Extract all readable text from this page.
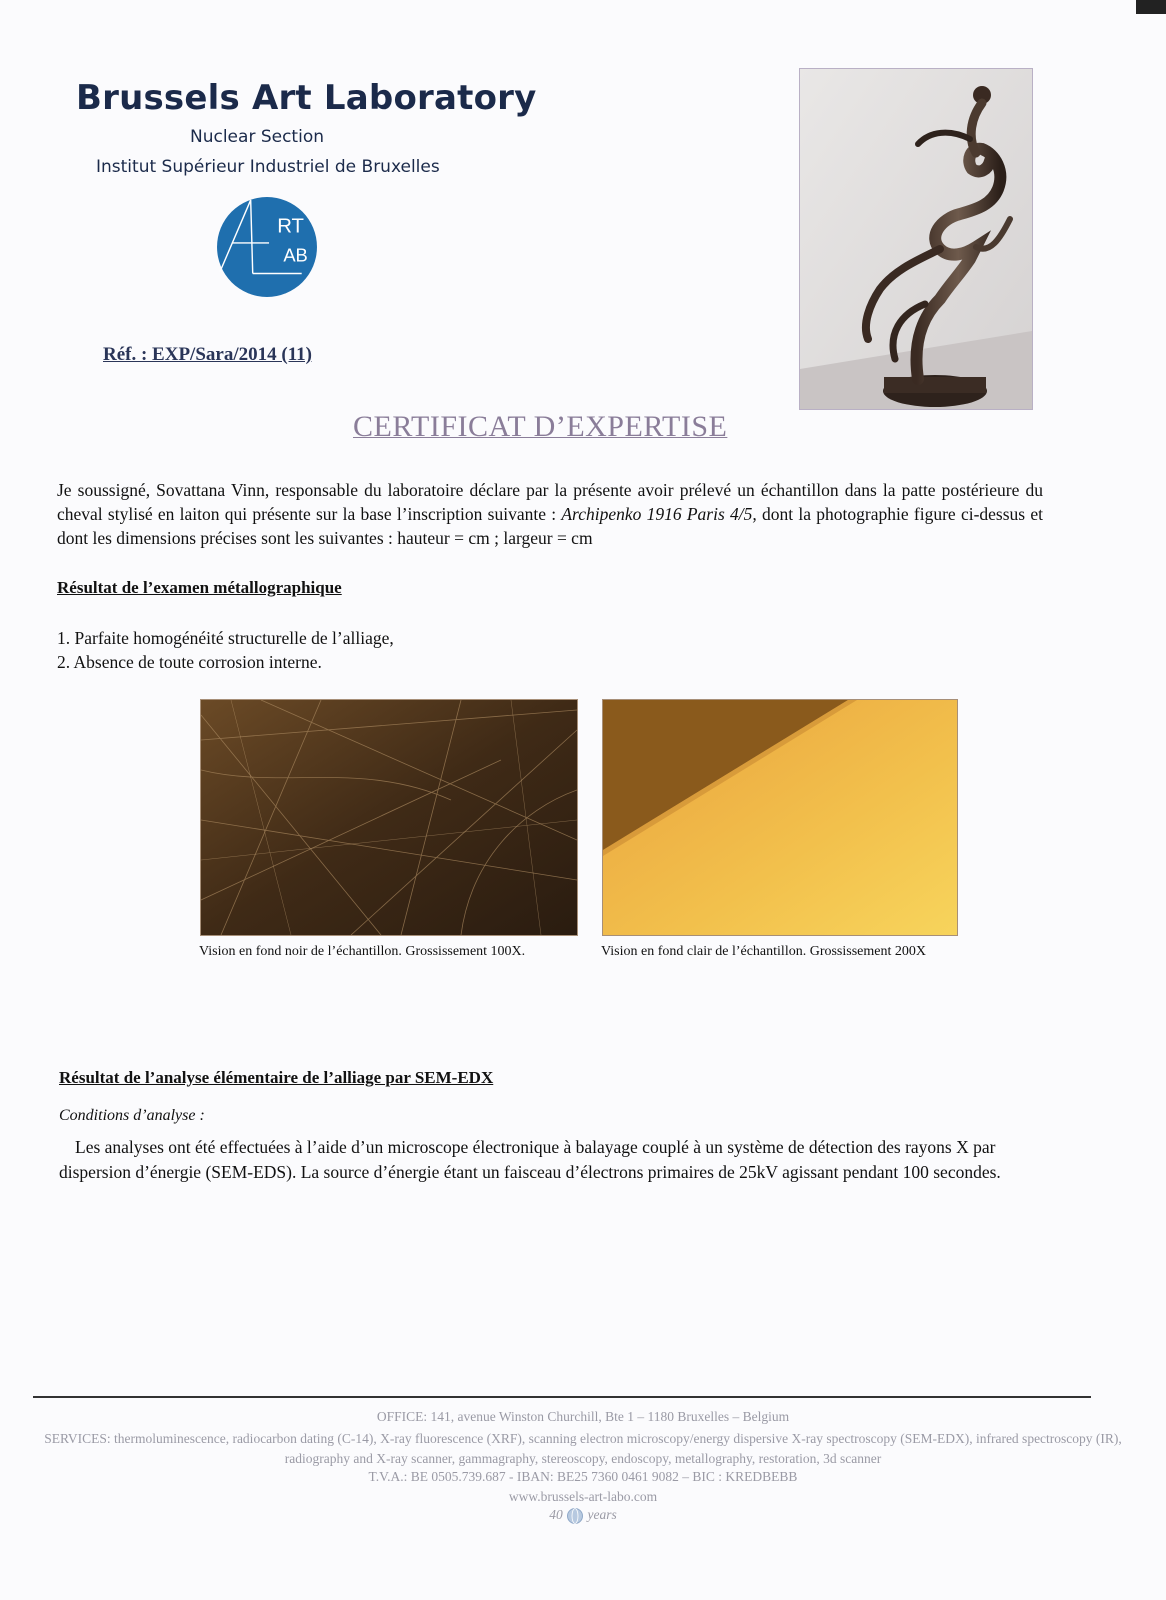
Brussels Art Laboratory
Nuclear Section
Institut Supérieur Industriel de Bruxelles
RT
AB
Réf. : EXP/Sara/2014 (11)
CERTIFICAT D’EXPERTISE
Je soussigné, Sovattana Vinn, responsable du laboratoire déclare par la présente avoir prélevé un échantillon dans la patte postérieure du cheval stylisé en laiton qui présente sur la base l’inscription suivante : Archipenko 1916 Paris 4/5, dont la photographie figure ci-dessus et dont les dimensions précises sont les suivantes : hauteur = cm ; largeur = cm
Résultat de l’examen métallographique
1. Parfaite homogénéité structurelle de l’alliage,
2. Absence de toute corrosion interne.
Vision en fond noir de l’échantillon. Grossissement 100X.	Vision en fond clair de l’échantillon. Grossissement 200X
Résultat de l’analyse élémentaire de l’alliage par SEM-EDX
Conditions d’analyse :
Les analyses ont été effectuées à l’aide d’un microscope électronique à balayage couplé à un système de détection des rayons X par dispersion d’énergie (SEM-EDS). La source d’énergie étant un faisceau d’électrons primaires de 25kV agissant pendant 100 secondes.
OFFICE: 141, avenue Winston Churchill, Bte 1 – 1180 Bruxelles – Belgium
SERVICES: thermoluminescence, radiocarbon dating (C-14), X-ray fluorescence (XRF), scanning electron microscopy/energy dispersive X-ray spectroscopy (SEM-EDX), infrared spectroscopy (IR), radiography and X-ray scanner, gammagraphy, stereoscopy, endoscopy, metallography, restoration, 3d scanner
T.V.A.: BE 0505.739.687 - IBAN: BE25 7360 0461 9082 – BIC : KREDBEBB
www.brussels-art-labo.com
40 years
